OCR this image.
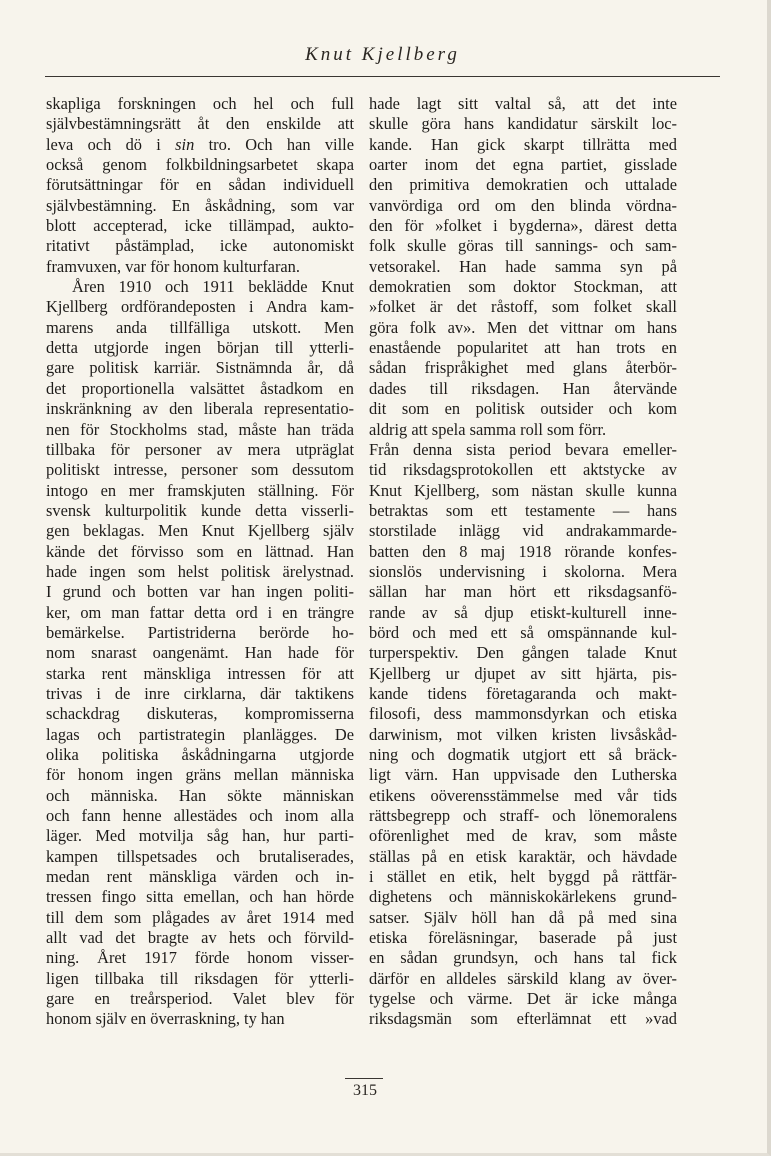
Knut Kjellberg
skapliga forskningen och hel och full
självbestämningsrätt åt den enskilde att
leva och dö i sin tro. Och han ville
också genom folkbildningsarbetet skapa
förutsättningar för en sådan individuell
självbestämning. En åskådning, som var
blott accepterad, icke tillämpad, aukto-
ritativt påstämplad, icke autonomiskt
framvuxen, var för honom kulturfaran.
Åren 1910 och 1911 beklädde Knut
Kjellberg ordförandeposten i Andra kam-
marens anda tillfälliga utskott. Men
detta utgjorde ingen början till ytterli-
gare politisk karriär. Sistnämnda år, då
det proportionella valsättet åstadkom en
inskränkning av den liberala representatio-
nen för Stockholms stad, måste han träda
tillbaka för personer av mera utpräglat
politiskt intresse, personer som dessutom
intogo en mer framskjuten ställning. För
svensk kulturpolitik kunde detta visserli-
gen beklagas. Men Knut Kjellberg själv
kände det förvisso som en lättnad. Han
hade ingen som helst politisk ärelystnad.
I grund och botten var han ingen politi-
ker, om man fattar detta ord i en trängre
bemärkelse. Partistriderna berörde ho-
nom snarast oangenämt. Han hade för
starka rent mänskliga intressen för att
trivas i de inre cirklarna, där taktikens
schackdrag diskuteras, kompromisserna
lagas och partistrategin planlägges. De
olika politiska åskådningarna utgjorde
för honom ingen gräns mellan människa
och människa. Han sökte människan
och fann henne allestädes och inom alla
läger. Med motvilja såg han, hur parti-
kampen tillspetsades och brutaliserades,
medan rent mänskliga värden och in-
tressen fingo sitta emellan, och han hörde
till dem som plågades av året 1914 med
allt vad det bragte av hets och förvild-
ning. Året 1917 förde honom visser-
ligen tillbaka till riksdagen för ytterli-
gare en treårsperiod. Valet blev för
honom själv en överraskning, ty han
hade lagt sitt valtal så, att det inte
skulle göra hans kandidatur särskilt loc-
kande. Han gick skarpt tillrätta med
oarter inom det egna partiet, gisslade
den primitiva demokratien och uttalade
vanvördiga ord om den blinda vördna-
den för »folket i bygderna», därest detta
folk skulle göras till sannings- och sam-
vetsorakel. Han hade samma syn på
demokratien som doktor Stockman, att
»folket är det råstoff, som folket skall
göra folk av». Men det vittnar om hans
enastående popularitet att han trots en
sådan frispråkighet med glans återbör-
dades till riksdagen. Han återvände
dit som en politisk outsider och kom
aldrig att spela samma roll som förr.
Från denna sista period bevara emeller-
tid riksdagsprotokollen ett aktstycke av
Knut Kjellberg, som nästan skulle kunna
betraktas som ett testamente — hans
storstilade inlägg vid andrakammarde-
batten den 8 maj 1918 rörande konfes-
sionslös undervisning i skolorna. Mera
sällan har man hört ett riksdagsanfö-
rande av så djup etiskt-kulturell inne-
börd och med ett så omspännande kul-
turperspektiv. Den gången talade Knut
Kjellberg ur djupet av sitt hjärta, pis-
kande tidens företagaranda och makt-
filosofi, dess mammonsdyrkan och etiska
darwinism, mot vilken kristen livsåskåd-
ning och dogmatik utgjort ett så bräck-
ligt värn. Han uppvisade den Lutherska
etikens oöverensstämmelse med vår tids
rättsbegrepp och straff- och lönemoralens
oförenlighet med de krav, som måste
ställas på en etisk karaktär, och hävdade
i stället en etik, helt byggd på rättfär-
dighetens och människokärlekens grund-
satser. Själv höll han då på med sina
etiska föreläsningar, baserade på just
en sådan grundsyn, och hans tal fick
därför en alldeles särskild klang av över-
tygelse och värme. Det är icke många
riksdagsmän som efterlämnat ett »vad
315
